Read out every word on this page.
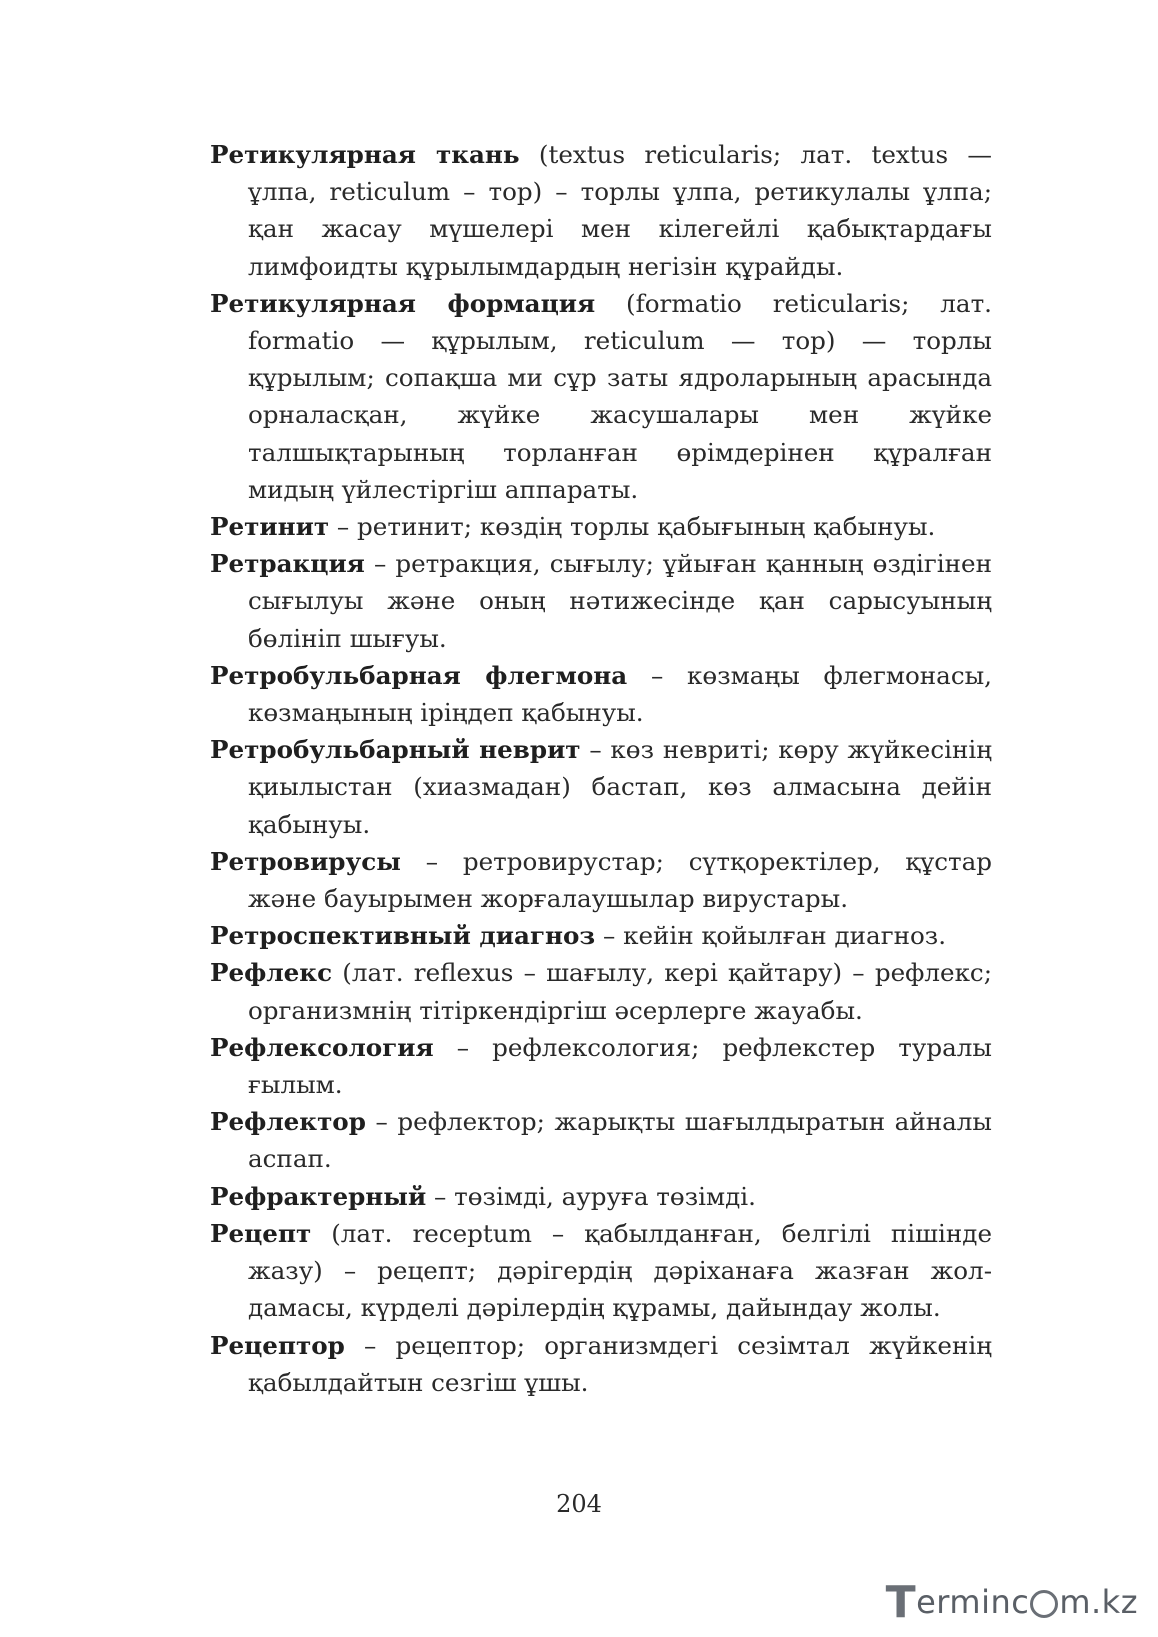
Ретикулярная ткань (textus reticularis; лат. textus — ұлпа, reticulum – тор) – торлы ұлпа, ретикулалы ұлпа; қан жасау мүшелері мен кілегейлі қабықтардағы лимфоидты құрылымдардың негізін құрайды.

Ретикулярная формация (formatio reticularis; лат. formatio — құрылым, reticulum — тор) — торлы құрылым; сопақша ми сұр заты ядроларының арасында орналасқан, жүйке жасушалары мен жүйке талшықтарының торланған өрімдерінен құралған мидың үйлестіргіш аппараты.

Ретинит – ретинит; көздің торлы қабығының қабынуы.

Ретракция – ретракция, сығылу; ұйыған қанның өздігінен сығылуы және оның нәтижесінде қан сарысуының бөлініп шығуы.

Ретробульбарная флегмона – көзмаңы флегмонасы, көзмаңының іріңдеп қабынуы.

Ретробульбарный неврит – көз невриті; көру жүйкесінің қиылыстан (хиазмадан) бастап, көз алмасына дейін қабынуы.

Ретровирусы – ретровирустар; сүтқоректілер, құстар және бауырымен жорғалаушылар вирустары.

Ретроспективный диагноз – кейін қойылған диагноз.

Рефлекс (лат. reflexus – шағылу, кері қайтару) – рефлекс; организмнің тітіркендіргіш әсерлерге жауабы.

Рефлексология – рефлексология; рефлекстер туралы ғылым.

Рефлектор – рефлектор; жарықты шағылдыратын айналы аспап.

Рефрактерный – төзімді, ауруға төзімді.

Рецепт (лат. receptum – қабылданған, белгілі пішінде жазу) – рецепт; дәрігердің дәріханаға жазған жолдамасы, күрделі дәрілердің құрамы, дайындау жолы.

Рецептор – рецептор; организмдегі сезімтал жүйкенің қабылдайтын сезгіш ұшы.

204
T erminc m.kz
